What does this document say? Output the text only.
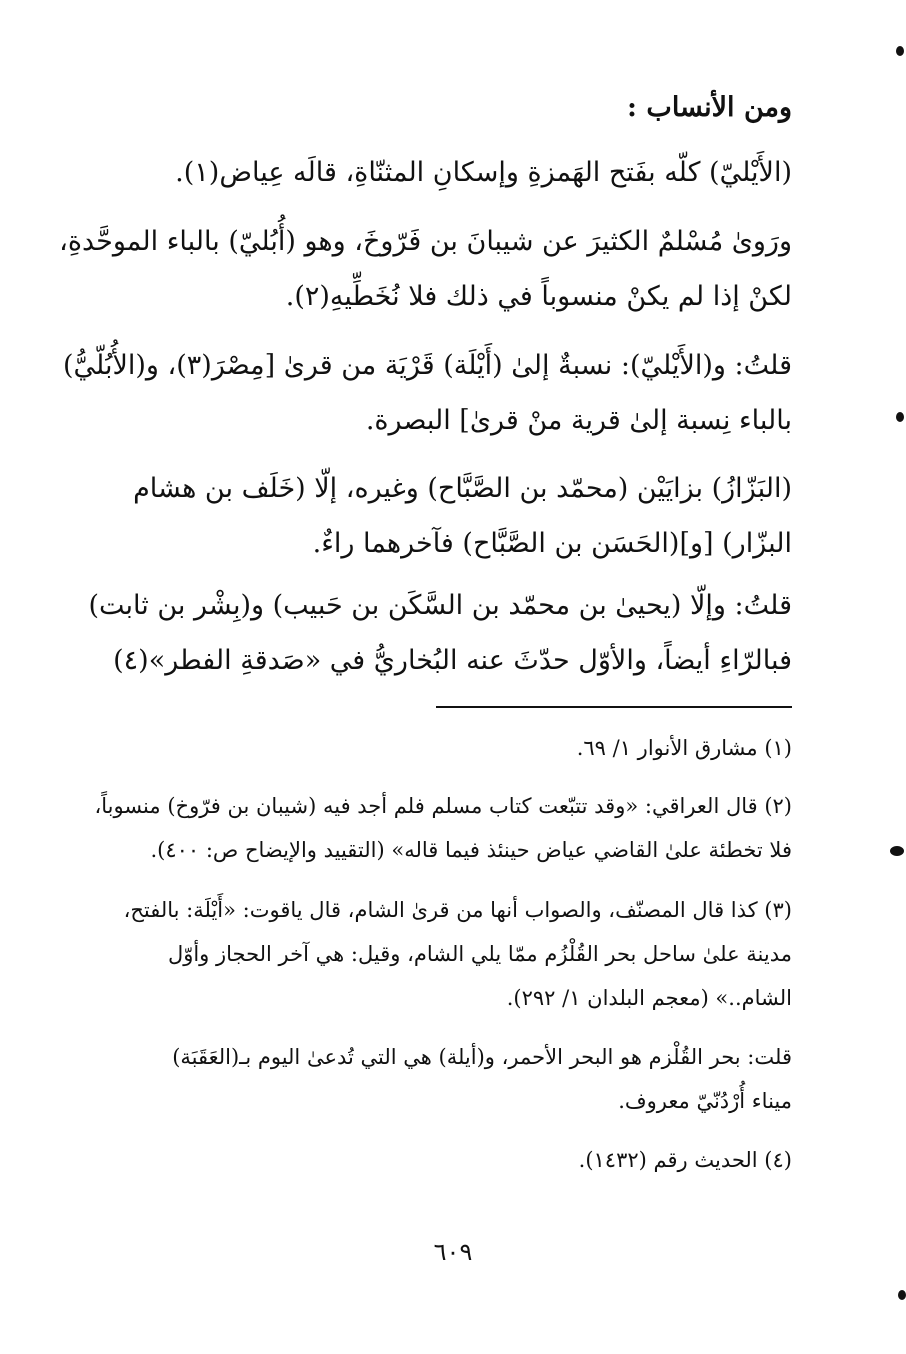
ومن الأنساب :
(الأَيْليّ) كلّه بفَتح الهَمزةِ وإسكانِ المثنّاةِ، قالَه عِياض(١).
ورَوىٰ مُسْلمٌ الكثيرَ عن شيبانَ بن فَرّوخَ، وهو (أُبُليّ) بالباء الموحَّدةِ،
لكنْ إذا لم يكنْ منسوباً في ذلك فلا نُخَطِّيهِ(٢).
قلتُ: و(الأَيْليّ): نسبةٌ إلىٰ (أَيْلَة) قَرْيَة من قرىٰ [مِصْرَ(٣)، و(الأُبُلّيُّ)
بالباء نِسبة إلىٰ قرية منْ قرىٰ] البصرة.
(البَزّازُ) بزايَيْن (محمّد بن الصَّبَّاح) وغيره، إلّا (خَلَف بن هشام
البزّار) [و](الحَسَن بن الصَّبَّاح) فآخرهما راءٌ.
قلتُ: وإلّا (يحيىٰ بن محمّد بن السَّكَن بن حَبيب) و(بِشْر بن ثابت)
فبالرّاءِ أيضاً، والأوّل حدّثَ عنه البُخاريُّ في «صَدقةِ الفطر»(٤)
(١) مشارق الأنوار ١/ ٦٩.
(٢) قال العراقي: «وقد تتبّعت كتاب مسلم فلم أجد فيه (شيبان بن فرّوخ) منسوباً،
فلا تخطئة علىٰ القاضي عياض حينئذ فيما قاله» (التقييد والإيضاح ص: ٤٠٠).
(٣) كذا قال المصنّف، والصواب أنها من قرىٰ الشام، قال ياقوت: «أَيْلَة: بالفتح،
مدينة علىٰ ساحل بحر القُلْزُم ممّا يلي الشام، وقيل: هي آخر الحجاز وأوّل
الشام..» (معجم البلدان ١/ ٢٩٢).
قلت: بحر القُلْزم هو البحر الأحمر، و(أيلة) هي التي تُدعىٰ اليوم بـ(العَقَبَة)
ميناء أُرْدُنّيّ معروف.
(٤) الحديث رقم (١٤٣٢).
٦٠٩
